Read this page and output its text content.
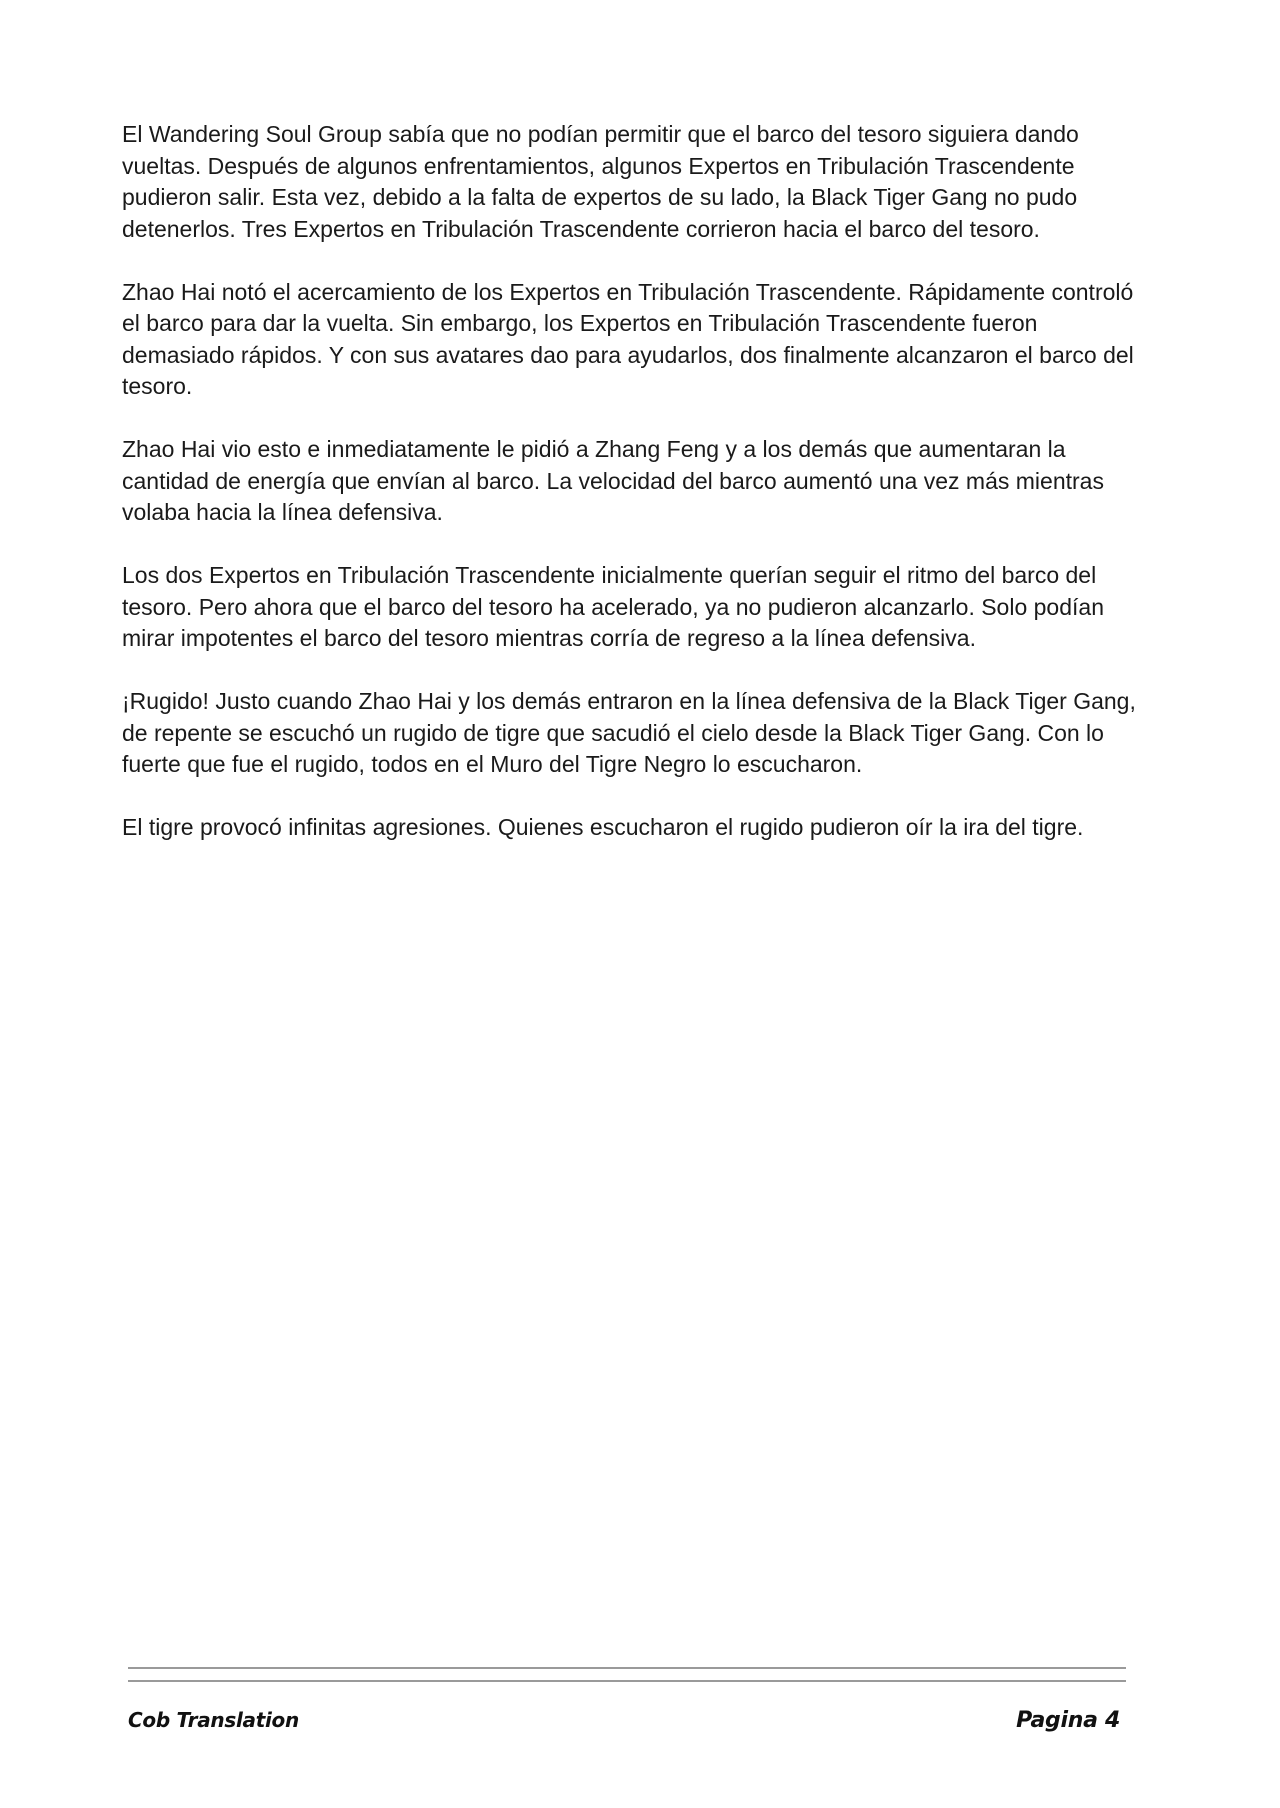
El Wandering Soul Group sabía que no podían permitir que el barco del tesoro siguiera dando vueltas. Después de algunos enfrentamientos, algunos Expertos en Tribulación Trascendente pudieron salir. Esta vez, debido a la falta de expertos de su lado, la Black Tiger Gang no pudo detenerlos. Tres Expertos en Tribulación Trascendente corrieron hacia el barco del tesoro.

Zhao Hai notó el acercamiento de los Expertos en Tribulación Trascendente. Rápidamente controló el barco para dar la vuelta. Sin embargo, los Expertos en Tribulación Trascendente fueron demasiado rápidos. Y con sus avatares dao para ayudarlos, dos finalmente alcanzaron el barco del tesoro.

Zhao Hai vio esto e inmediatamente le pidió a Zhang Feng y a los demás que aumentaran la cantidad de energía que envían al barco. La velocidad del barco aumentó una vez más mientras volaba hacia la línea defensiva.

Los dos Expertos en Tribulación Trascendente inicialmente querían seguir el ritmo del barco del tesoro. Pero ahora que el barco del tesoro ha acelerado, ya no pudieron alcanzarlo. Solo podían mirar impotentes el barco del tesoro mientras corría de regreso a la línea defensiva.

¡Rugido! Justo cuando Zhao Hai y los demás entraron en la línea defensiva de la Black Tiger Gang, de repente se escuchó un rugido de tigre que sacudió el cielo desde la Black Tiger Gang. Con lo fuerte que fue el rugido, todos en el Muro del Tigre Negro lo escucharon.

El tigre provocó infinitas agresiones. Quienes escucharon el rugido pudieron oír la ira del tigre.

Cob Translation	Pagina 4
